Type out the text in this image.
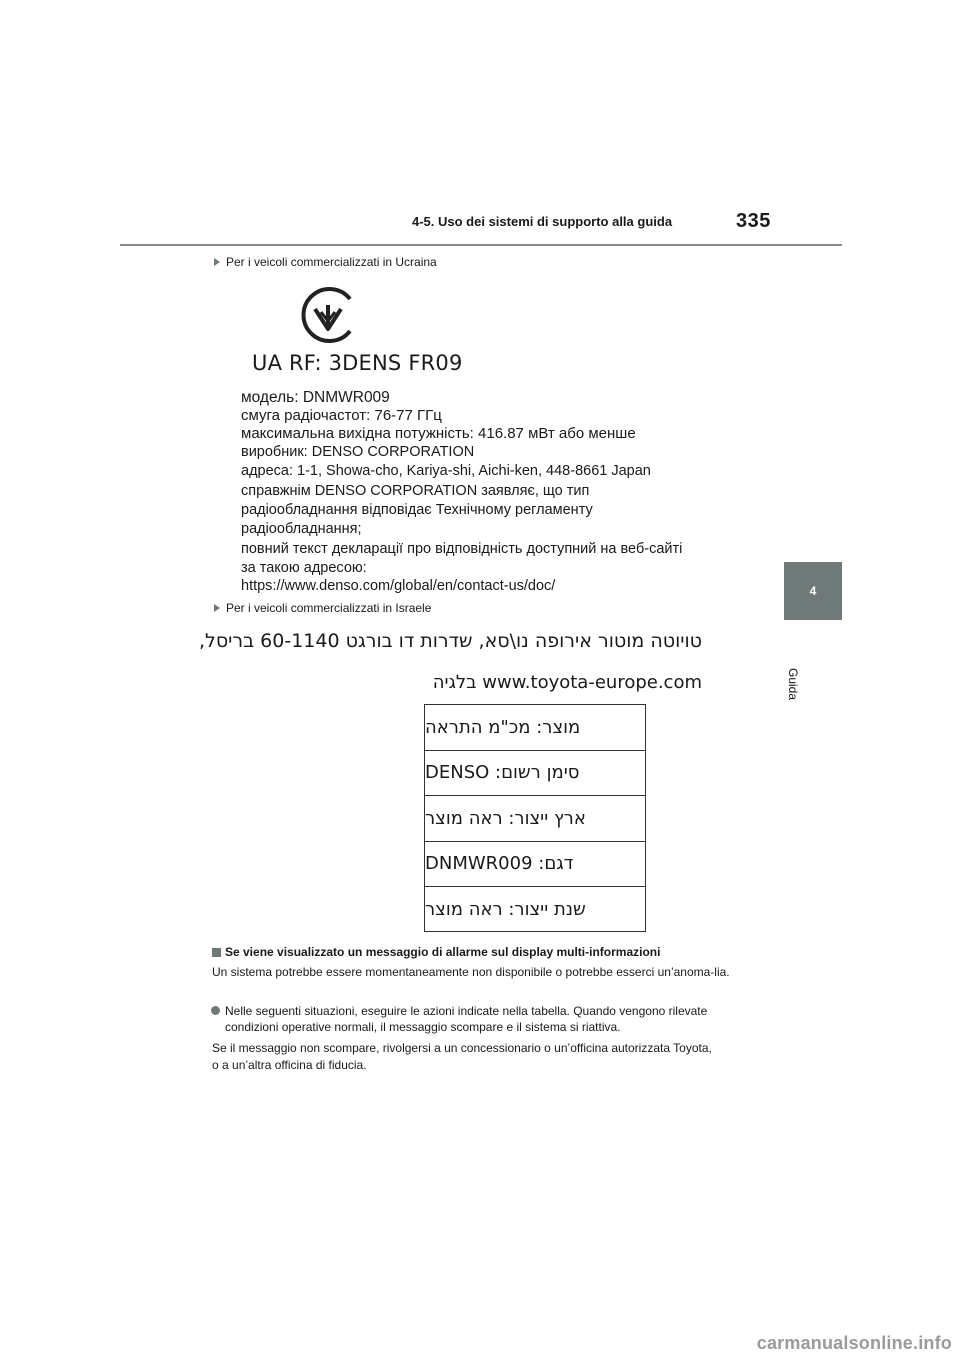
4-5. Uso dei sistemi di supporto alla guida	335
4
Guida
Per i veicoli commercializzati in Ucraina
UA RF: 3DENS FR09
модель: DNMWR009
смуга радіочастот: 76-77 ГГц
максимальна вихідна потужність: 416.87 мВт або менше
виробник: DENSO CORPORATION
адреса: 1-1, Showa-cho, Kariya-shi, Aichi-ken, 448-8661 Japan
справжнім DENSO CORPORATION заявляє, що тип
радіообладнання відповідає Технічному регламенту
радіообладнання;
повний текст декларації про відповідність доступний на веб-сайті
за такою адресою:
https://www.denso.com/global/en/contact-us/doc/
Per i veicoli commercializzati in Israele
טויוטה מוטור אירופה נו\סא, שדרות דו בורגט 60-1140 בריסל,
www.toyota-europe.com בלגיה
מוצר: מכ"מ התראה
סימן רשום: DENSO
ארץ ייצור: ראה מוצר
דגם: DNMWR009
שנת ייצור: ראה מוצר
Se viene visualizzato un messaggio di allarme sul display multi-informazioni
Un sistema potrebbe essere momentaneamente non disponibile o potrebbe esserci un’anoma-lia.
Nelle seguenti situazioni, eseguire le azioni indicate nella tabella. Quando vengono rilevate condizioni operative normali, il messaggio scompare e il sistema si riattiva.
Se il messaggio non scompare, rivolgersi a un concessionario o un’officina autorizzata Toyota,
o a un’altra officina di fiducia.
carmanualsonline.info
